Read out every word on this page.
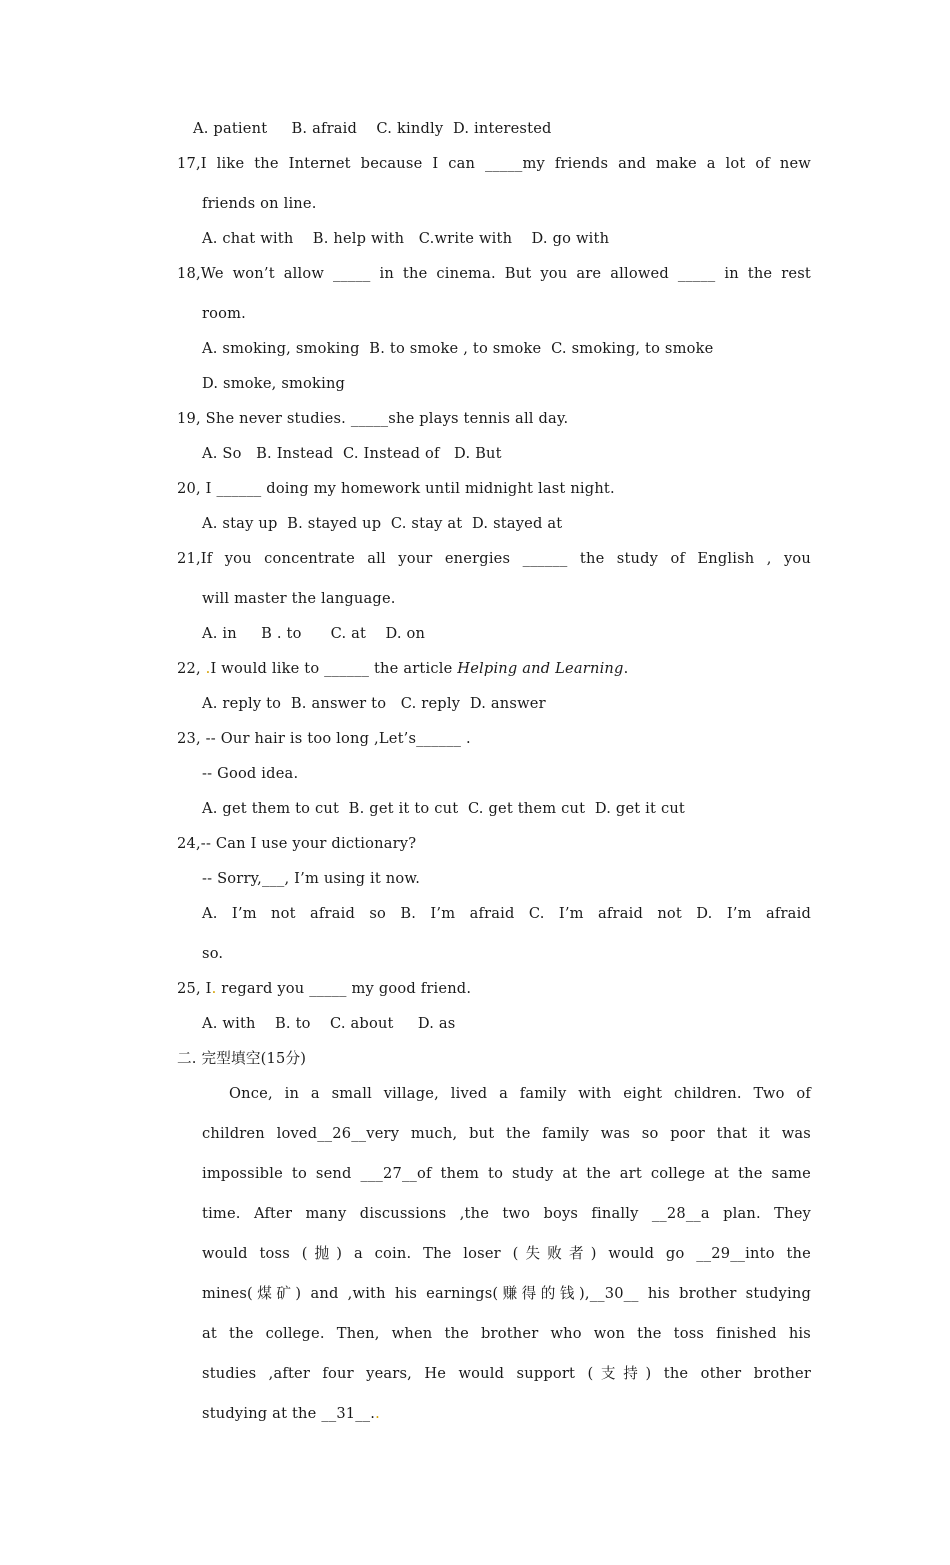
A. patient     B. afraid    C. kindly  D. interested
17,I like the Internet because I can _____my friends and make a lot of new
friends on line.
A. chat with    B. help with   C.write with    D. go with
18,We won’t allow _____ in the cinema. But you are allowed _____ in the rest
room.
A. smoking, smoking  B. to smoke , to smoke  C. smoking, to smoke
D. smoke, smoking
19, She never studies. _____she plays tennis all day.
A. So   B. Instead  C. Instead of   D. But
20, I ______ doing my homework until midnight last night.
A. stay up  B. stayed up  C. stay at  D. stayed at
21,If you concentrate all your energies ______ the study of English , you
will master the language.
A. in     B . to      C. at    D. on
22, .I would like to ______ the article Helping and Learning.
A. reply to  B. answer to   C. reply  D. answer
23, -- Our hair is too long ,Let’s______ .
-- Good idea.
A. get them to cut  B. get it to cut  C. get them cut  D. get it cut
24,-- Can I use your dictionary?
-- Sorry,___, I’m using it now.
A. I’m not afraid so B. I’m afraid C. I’m afraid not D. I’m afraid
so.
25, I. regard you _____ my good friend.
A. with    B. to    C. about     D. as
二. 完型填空(15分)
Once, in a small village, lived a family with eight children. Two of
children loved__26__very much, but the family was so poor that it was
impossible to send ___27__of them to study at the art college at the same
time. After many discussions ,the two boys finally __28__a plan. They
would toss (抛) a coin. The loser (失败者) would go __29__into the
mines(煤矿) and ,with his earnings(赚得的钱),__30__ his brother studying
at the college. Then, when the brother who won the toss finished his
studies ,after four years, He would support (支持) the other brother
studying at the __31__..
